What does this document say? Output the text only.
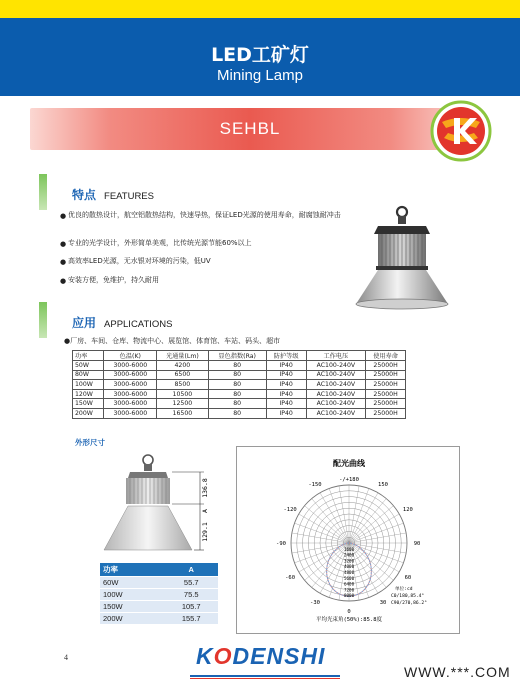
LED工矿灯
Mining Lamp
SEHBL
特点 FEATURES
● 优良的散热设计，航空铝散热结构，快速导热，保证LED光源的使用寿命，耐腐蚀耐冲击
● 专业的光学设计，外形简单美观，比传统光源节能60%以上
● 高效率LED光源，无水银对环境的污染，低UV
● 安装方便，免维护，持久耐用
应用 APPLICATIONS
●厂房、车间、仓库、物流中心、展览馆、体育馆、车站、码头、超市
功率	色温(K)	光通量(Lm)	显色指数(Ra)	防护等级	工作电压	使用寿命
50W	3000-6000	4200	80	IP40	AC100-240V	25000H
80W	3000-6000	6500	80	IP40	AC100-240V	25000H
100W	3000-6000	8500	80	IP40	AC100-240V	25000H
120W	3000-6000	10500	80	IP40	AC100-240V	25000H
150W	3000-6000	12500	80	IP40	AC100-240V	25000H
200W	3000-6000	16500	80	IP40	AC100-240V	25000H
外形尺寸
136.8
A
129.1
功率	A
60W	55.7
100W	75.5
150W	105.7
200W	155.7
配光曲线
-150	150
-120	120
-90	90
-60	60
-30
0
30
1600
2400
3200
4000
4800
5600
6400
7200
8000
-/+180
单位:cd
C0/180,85.4°
C90/270,86.2°
平均光束角(50%):85.8度
4	KODENSHI
WWW.***.COM
